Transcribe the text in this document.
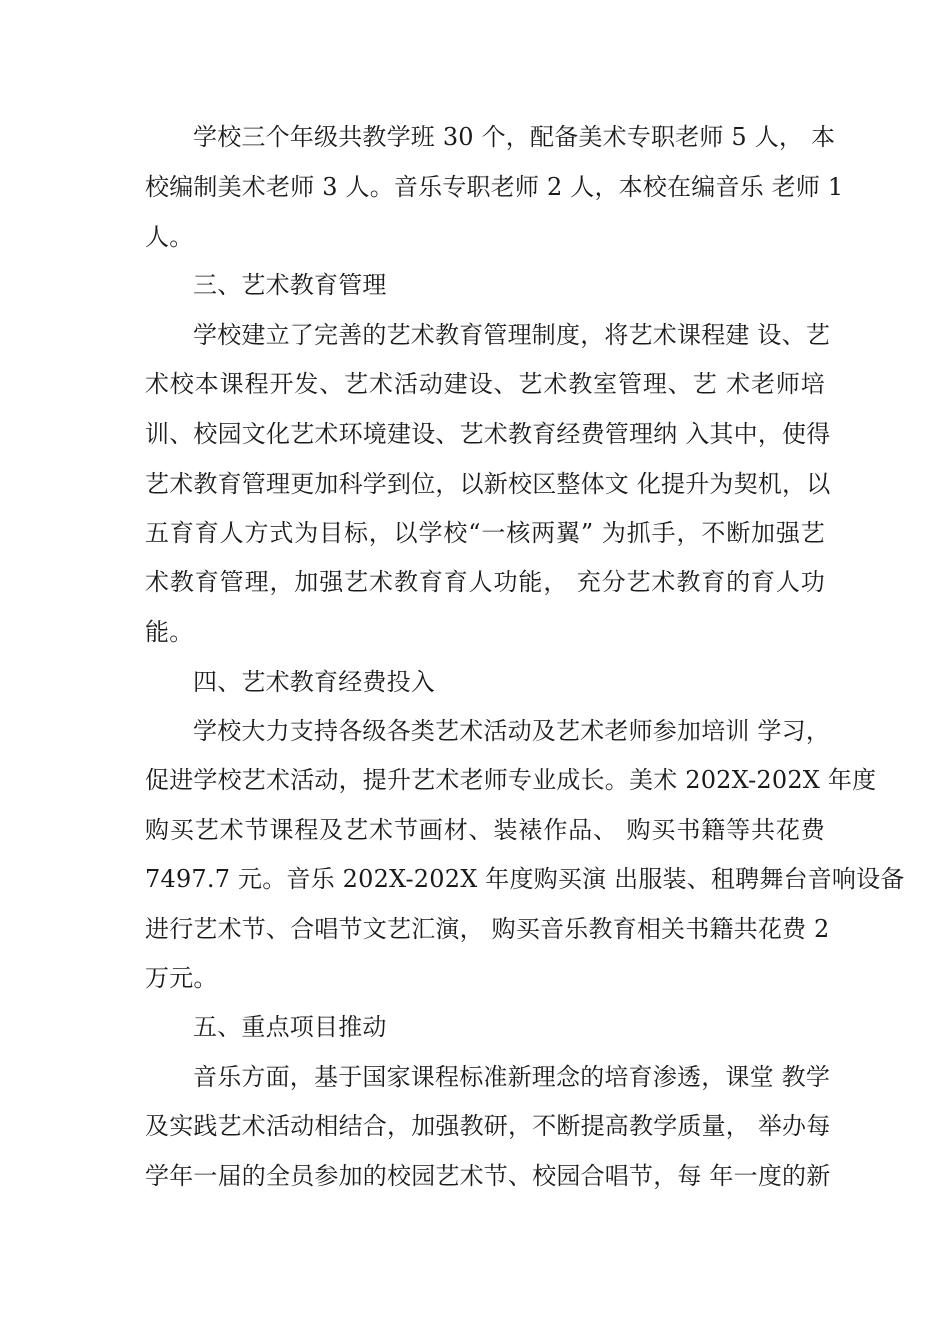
学校三个年级共教学班 30 个，配备美术专职老师 5 人， 本
校编制美术老师 3 人。音乐专职老师 2 人，本校在编音乐 老师 1
人。
三、艺术教育管理
学校建立了完善的艺术教育管理制度，将艺术课程建 设、艺
术校本课程开发、艺术活动建设、艺术教室管理、艺 术老师培
训、校园文化艺术环境建设、艺术教育经费管理纳 入其中，使得
艺术教育管理更加科学到位，以新校区整体文 化提升为契机，以
五育育人方式为目标，以学校“一核两翼” 为抓手，不断加强艺
术教育管理，加强艺术教育育人功能， 充分艺术教育的育人功
能。
四、艺术教育经费投入
学校大力支持各级各类艺术活动及艺术老师参加培训 学习，
促进学校艺术活动，提升艺术老师专业成长。美术 202X-202X 年度
购买艺术节课程及艺术节画材、装裱作品、 购买书籍等共花费
7497.7 元。音乐 202X-202X 年度购买演 出服装、租聘舞台音响设备
进行艺术节、合唱节文艺汇演， 购买音乐教育相关书籍共花费 2
万元。
五、重点项目推动
音乐方面，基于国家课程标准新理念的培育渗透，课堂 教学
及实践艺术活动相结合，加强教研，不断提高教学质量， 举办每
学年一届的全员参加的校园艺术节、校园合唱节，每 年一度的新
